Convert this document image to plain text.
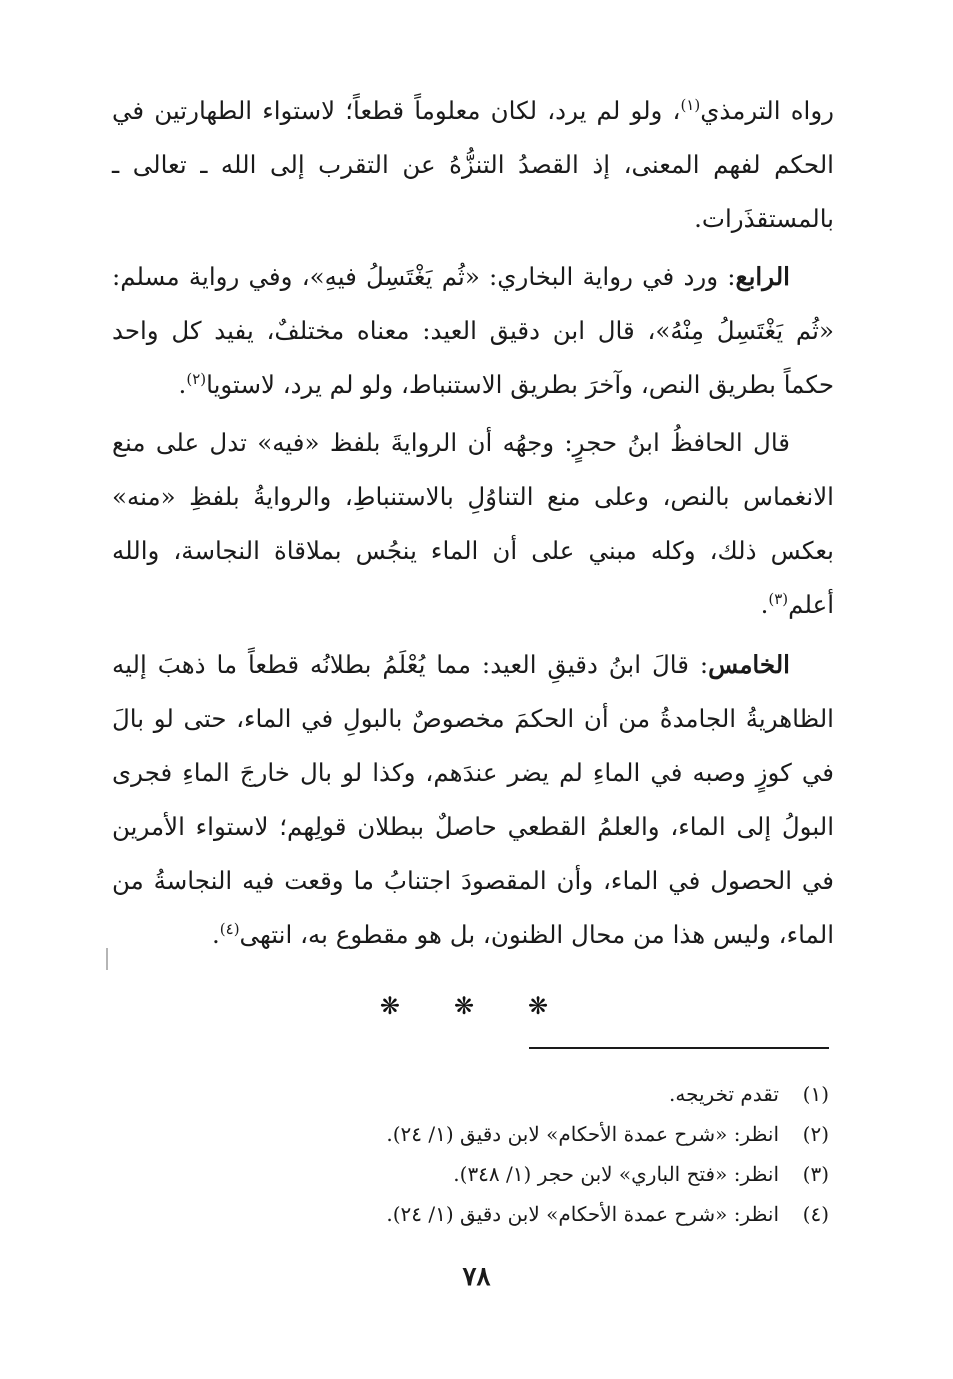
رواه الترمذي$^{(١)}$، ولو لم يرد، لكان معلوماً قطعاً؛ لاستواء الطهارتين في الحكم لفهم المعنى، إذ القصدُ التنزُّهُ عن التقرب إلى الله ـ تعالى ـ بالمستقذَرات.

الرابع: ورد في رواية البخاري: «ثُم يَغْتَسِلُ فيهِ»، وفي رواية مسلم: «ثُم يَغْتَسِلُ مِنْهُ»، قال ابن دقيق العيد: معناه مختلفٌ، يفيد كل واحد حكماً بطريق النص، وآخرَ بطريق الاستنباط، ولو لم يرد، لاستويا$^{(٢)}$.

قال الحافظُ ابنُ حجرٍ: وجهُه أن الروايةَ بلفظ «فيه» تدل على منع الانغماس بالنص، وعلى منع التناوُلِ بالاستنباطِ، والروايةُ بلفظِ «منه» بعكس ذلك، وكله مبني على أن الماء ينجُس بملاقاة النجاسة، والله أعلم$^{(٣)}$.

الخامس: قالَ ابنُ دقيقِ العيد: مما يُعْلَمُ بطلانُه قطعاً ما ذهبَ إليه الظاهريةُ الجامدةُ من أن الحكمَ مخصوصٌ بالبولِ في الماء، حتى لو بالَ في كوزٍ وصبه في الماءِ لم يضر عندَهم، وكذا لو بال خارجَ الماءِ فجرى البولُ إلى الماء، والعلمُ القطعي حاصلٌ ببطلان قولِهم؛ لاستواء الأمرين في الحصول في الماء، وأن المقصودَ اجتنابُ ما وقعت فيه النجاسةُ من الماء، وليس هذا من محال الظنون، بل هو مقطوع به، انتهى$^{(٤)}$.

❋ ❋ ❋
(١)
تقدم تخريجه.
(٢)
انظر: «شرح عمدة الأحكام» لابن دقيق (١/ ٢٤).
(٣)
انظر: «فتح الباري» لابن حجر (١/ ٣٤٨).
(٤)
انظر: «شرح عمدة الأحكام» لابن دقيق (١/ ٢٤).
٧٨
